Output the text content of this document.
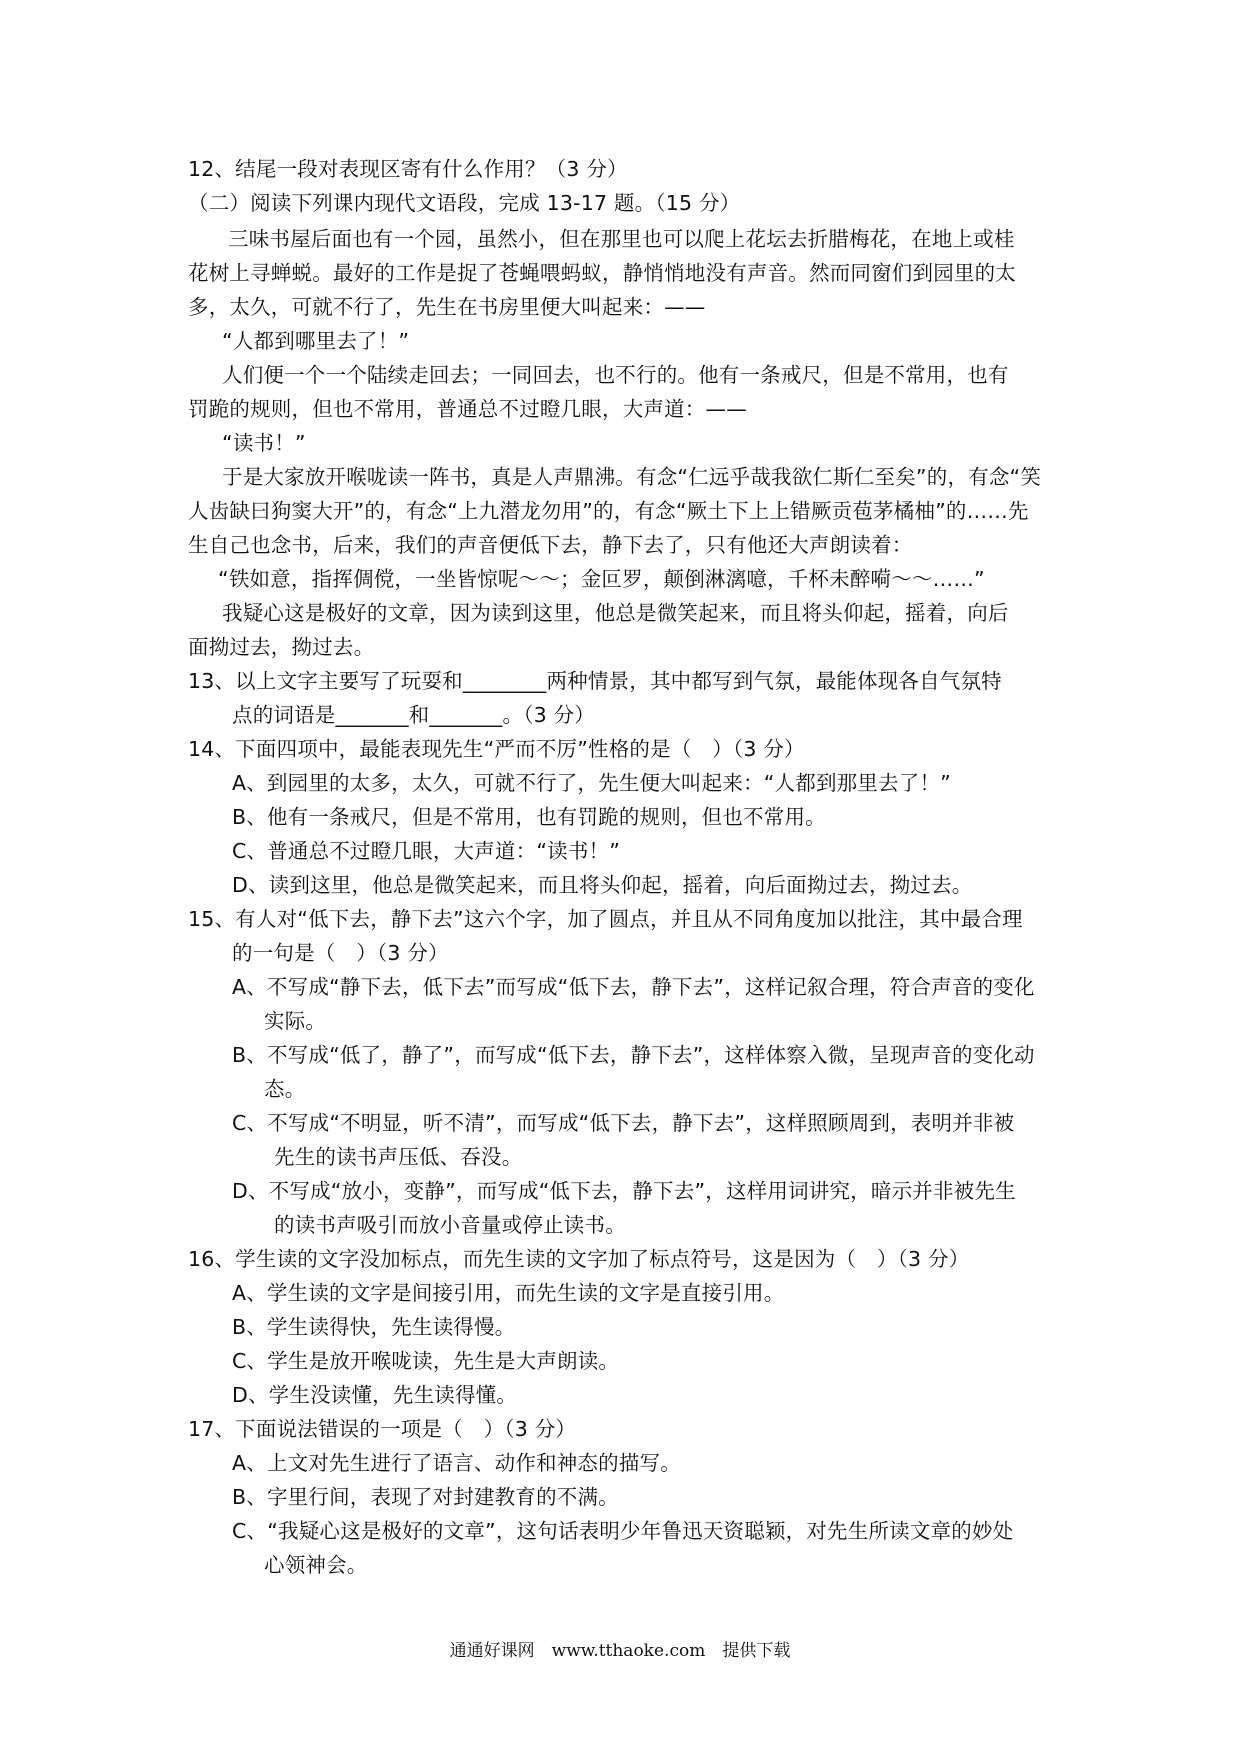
12、结尾一段对表现区寄有什么作用？（3 分）
（二）阅读下列课内现代文语段，完成 13-17 题。（15 分）
三味书屋后面也有一个园，虽然小，但在那里也可以爬上花坛去折腊梅花，在地上或桂
花树上寻蝉蜕。最好的工作是捉了苍蝇喂蚂蚁，静悄悄地没有声音。然而同窗们到园里的太
多，太久，可就不行了，先生在书房里便大叫起来：——
“人都到哪里去了！”
人们便一个一个陆续走回去；一同回去，也不行的。他有一条戒尺，但是不常用，也有
罚跪的规则，但也不常用，普通总不过瞪几眼，大声道：——
“读书！”
于是大家放开喉咙读一阵书，真是人声鼎沸。有念“仁远乎哉我欲仁斯仁至矣”的，有念“笑
人齿缺曰狗窦大开”的，有念“上九潜龙勿用”的，有念“厥土下上上错厥贡苞茅橘柚”的……先
生自己也念书，后来，我们的声音便低下去，静下去了，只有他还大声朗读着：
“铁如意，指挥倜傥，一坐皆惊呢～～；金叵罗，颠倒淋漓噫，千杯未醉嗬～～……”
我疑心这是极好的文章，因为读到这里，他总是微笑起来，而且将头仰起，摇着，向后
面拗过去，拗过去。
13、以上文字主要写了玩耍和________两种情景，其中都写到气氛，最能体现各自气氛特
点的词语是_______和_______。（3 分）
14、下面四项中，最能表现先生“严而不厉”性格的是（　）（3 分）
A、到园里的太多，太久，可就不行了，先生便大叫起来：“人都到那里去了！”
B、他有一条戒尺，但是不常用，也有罚跪的规则，但也不常用。
C、普通总不过瞪几眼，大声道：“读书！”
D、读到这里，他总是微笑起来，而且将头仰起，摇着，向后面拗过去，拗过去。
15、有人对“低下去，静下去”这六个字，加了圆点，并且从不同角度加以批注，其中最合理
的一句是（　）（3 分）
A、不写成“静下去，低下去”而写成“低下去，静下去”，这样记叙合理，符合声音的变化
实际。
B、不写成“低了，静了”，而写成“低下去，静下去”，这样体察入微，呈现声音的变化动
态。
C、不写成“不明显，听不清”，而写成“低下去，静下去”，这样照顾周到，表明并非被
先生的读书声压低、吞没。
D、不写成“放小，变静”，而写成“低下去，静下去”，这样用词讲究，暗示并非被先生
的读书声吸引而放小音量或停止读书。
16、学生读的文字没加标点，而先生读的文字加了标点符号，这是因为（　）（3 分）
A、学生读的文字是间接引用，而先生读的文字是直接引用。
B、学生读得快，先生读得慢。
C、学生是放开喉咙读，先生是大声朗读。
D、学生没读懂，先生读得懂。
17、下面说法错误的一项是（　）（3 分）
A、上文对先生进行了语言、动作和神态的描写。
B、字里行间，表现了对封建教育的不满。
C、“我疑心这是极好的文章”，这句话表明少年鲁迅天资聪颖，对先生所读文章的妙处
心领神会。
通通好课网　www.tthaoke.com　提供下载
